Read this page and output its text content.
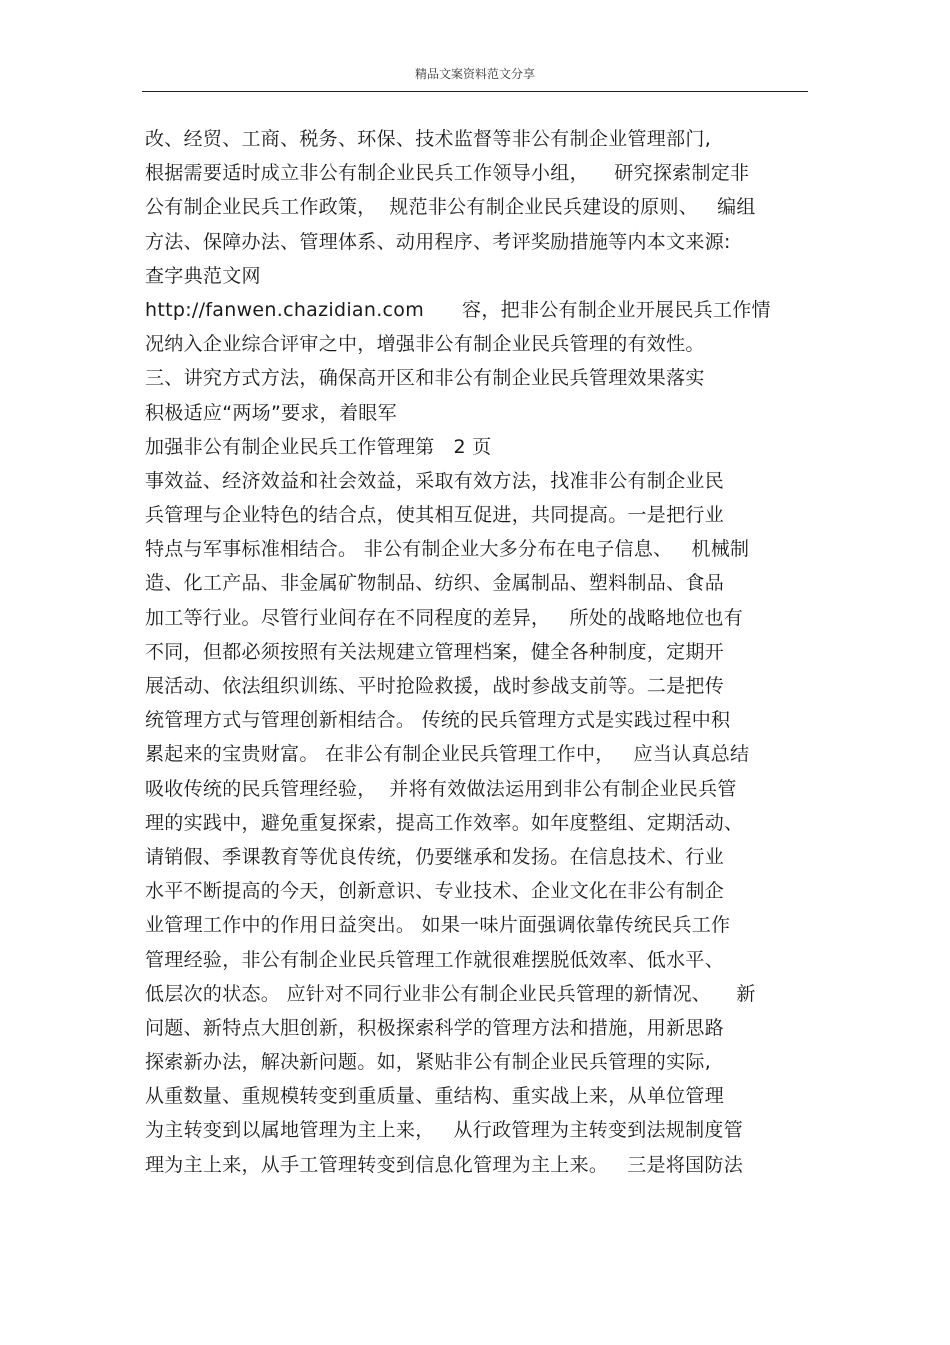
精品文案资料范文分享
改、经贸、工商、税务、环保、技术监督等非公有制企业管理部门,
根据需要适时成立非公有制企业民兵工作领导小组，    研究探索制定非
公有制企业民兵工作政策，  规范非公有制企业民兵建设的原则、   编组
方法、保障办法、管理体系、动用程序、考评奖励措施等内本文来源:
查字典范文网
http://fanwen.chazidian.com      容，把非公有制企业开展民兵工作情
况纳入企业综合评审之中，增强非公有制企业民兵管理的有效性。
三、讲究方式方法，确保高开区和非公有制企业民兵管理效果落实
积极适应“两场”要求，着眼军
加强非公有制企业民兵工作管理第   2 页
事效益、经济效益和社会效益，采取有效方法，找准非公有制企业民
兵管理与企业特色的结合点，使其相互促进，共同提高。一是把行业
特点与军事标准相结合。 非公有制企业大多分布在电子信息、   机械制
造、化工产品、非金属矿物制品、纺织、金属制品、塑料制品、食品
加工等行业。尽管行业间存在不同程度的差异，   所处的战略地位也有
不同，但都必须按照有关法规建立管理档案，健全各种制度，定期开
展活动、依法组织训练、平时抢险救援，战时参战支前等。二是把传
统管理方式与管理创新相结合。 传统的民兵管理方式是实践过程中积
累起来的宝贵财富。 在非公有制企业民兵管理工作中，   应当认真总结
吸收传统的民兵管理经验，  并将有效做法运用到非公有制企业民兵管
理的实践中，避免重复探索，提高工作效率。如年度整组、定期活动、
请销假、季课教育等优良传统，仍要继承和发扬。在信息技术、行业
水平不断提高的今天，创新意识、专业技术、企业文化在非公有制企
业管理工作中的作用日益突出。 如果一味片面强调依靠传统民兵工作
管理经验，非公有制企业民兵管理工作就很难摆脱低效率、低水平、
低层次的状态。 应针对不同行业非公有制企业民兵管理的新情况、    新
问题、新特点大胆创新，积极探索科学的管理方法和措施，用新思路
探索新办法，解决新问题。如，紧贴非公有制企业民兵管理的实际,
从重数量、重规模转变到重质量、重结构、重实战上来，从单位管理
为主转变到以属地管理为主上来，   从行政管理为主转变到法规制度管
理为主上来，从手工管理转变到信息化管理为主上来。   三是将国防法
